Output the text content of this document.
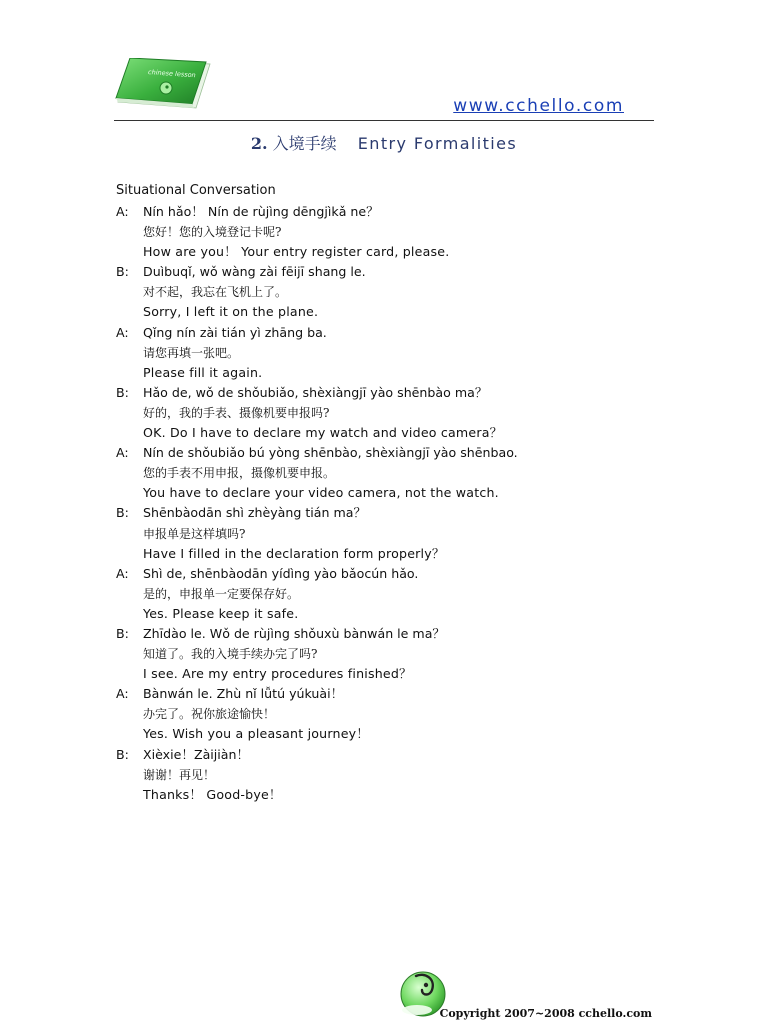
chinese lesson
www.cchello.com
2. 入境手续 Entry Formalities
Situational Conversation
A:	Nín hǎo！ Nín de rùjìng dēngjìkǎ ne？
您好！您的入境登记卡呢?
How are you！ Your entry register card, please.
B:	Duìbuqǐ, wǒ wàng zài fēijī shang le.
对不起，我忘在飞机上了。
Sorry, I left it on the plane.
A:	Qǐng nín zài tián yì zhāng ba.
请您再填一张吧。
Please fill it again.
B:	Hǎo de, wǒ de shǒubiǎo, shèxiàngjī yào shēnbào ma？
好的，我的手表、摄像机要申报吗?
OK. Do I have to declare my watch and video camera？
A:	Nín de shǒubiǎo bú yòng shēnbào, shèxiàngjī yào shēnbao.
您的手表不用申报，摄像机要申报。
You have to declare your video camera, not the watch.
B:	Shēnbàodān shì zhèyàng tián ma？
申报单是这样填吗?
Have I filled in the declaration form properly？
A:	Shì de, shēnbàodān yídìng yào bǎocún hǎo.
是的，申报单一定要保存好。
Yes. Please keep it safe.
B:	Zhīdào le. Wǒ de rùjìng shǒuxù bànwán le ma？
知道了。我的入境手续办完了吗?
I see. Are my entry procedures finished？
A:	Bànwán le. Zhù nǐ lǚtú yúkuài！
办完了。祝你旅途愉快！
Yes. Wish you a pleasant journey！
B:	Xièxie！Zàijiàn！
谢谢！再见！
Thanks！ Good-bye！
Copyright 2007~2008 cchello.com
